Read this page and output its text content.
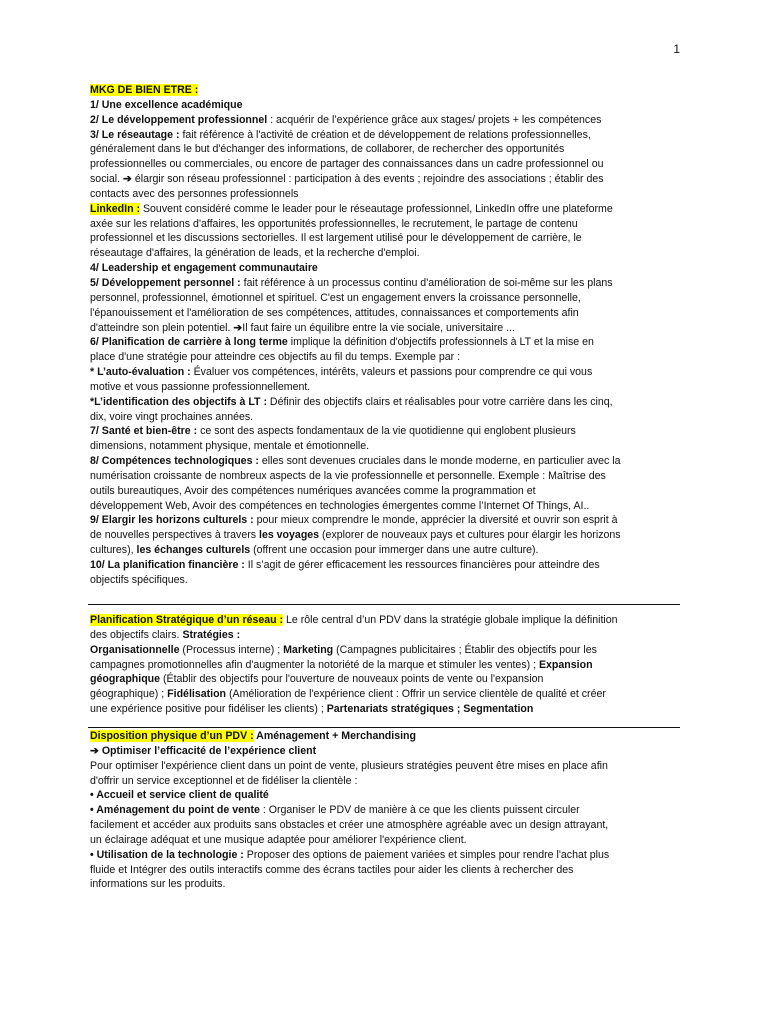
1
MKG DE BIEN ETRE :
1/ Une excellence académique
2/ Le développement professionnel : acquérir de l’expérience grâce aux stages/ projets + les compétences
3/ Le réseautage : fait référence à l'activité de création et de développement de relations professionnelles,
généralement dans le but d'échanger des informations, de collaborer, de rechercher des opportunités
professionnelles ou commerciales, ou encore de partager des connaissances dans un cadre professionnel ou
social. ➔ élargir son réseau professionnel : participation à des events ; rejoindre des associations ; établir des
contacts avec des personnes professionnels
LinkedIn : Souvent considéré comme le leader pour le réseautage professionnel, LinkedIn offre une plateforme
axée sur les relations d'affaires, les opportunités professionnelles, le recrutement, le partage de contenu
professionnel et les discussions sectorielles. Il est largement utilisé pour le développement de carrière, le
réseautage d'affaires, la génération de leads, et la recherche d'emploi.
4/ Leadership et engagement communautaire
5/ Développement personnel : fait référence à un processus continu d'amélioration de soi-même sur les plans
personnel, professionnel, émotionnel et spirituel. C'est un engagement envers la croissance personnelle,
l'épanouissement et l'amélioration de ses compétences, attitudes, connaissances et comportements afin
d'atteindre son plein potentiel. ➔Il faut faire un équilibre entre la vie sociale, universitaire ...
6/ Planification de carrière à long terme implique la définition d'objectifs professionnels à LT et la mise en
place d'une stratégie pour atteindre ces objectifs au fil du temps. Exemple par :
* L’auto-évaluation : Évaluer vos compétences, intérêts, valeurs et passions pour comprendre ce qui vous
motive et vous passionne professionnellement.
*L’identification des objectifs à LT : Définir des objectifs clairs et réalisables pour votre carrière dans les cinq,
dix, voire vingt prochaines années.
7/ Santé et bien-être : ce sont des aspects fondamentaux de la vie quotidienne qui englobent plusieurs
dimensions, notamment physique, mentale et émotionnelle.
8/ Compétences technologiques : elles sont devenues cruciales dans le monde moderne, en particulier avec la
numérisation croissante de nombreux aspects de la vie professionnelle et personnelle. Exemple : Maîtrise des
outils bureautiques, Avoir des compétences numériques avancées comme la programmation et
développement Web, Avoir des compétences en technologies émergentes comme l’Internet Of Things, AI..
9/ Elargir les horizons culturels : pour mieux comprendre le monde, apprécier la diversité et ouvrir son esprit à
de nouvelles perspectives à travers les voyages (explorer de nouveaux pays et cultures pour élargir les horizons
cultures), les échanges culturels (offrent une occasion pour immerger dans une autre culture).
10/ La planification financière : Il s’agit de gérer efficacement les ressources financières pour atteindre des
objectifs spécifiques.
Planification Stratégique d’un réseau : Le rôle central d’un PDV dans la stratégie globale implique la définition
des objectifs clairs. Stratégies :
Organisationnelle (Processus interne) ; Marketing (Campagnes publicitaires ; Établir des objectifs pour les
campagnes promotionnelles afin d'augmenter la notoriété de la marque et stimuler les ventes) ; Expansion
géographique (Établir des objectifs pour l'ouverture de nouveaux points de vente ou l'expansion
géographique) ; Fidélisation (Amélioration de l'expérience client : Offrir un service clientèle de qualité et créer
une expérience positive pour fidéliser les clients) ; Partenariats stratégiques ; Segmentation
Disposition physique d’un PDV : Aménagement + Merchandising
➔ Optimiser l’efficacité de l’expérience client
Pour optimiser l'expérience client dans un point de vente, plusieurs stratégies peuvent être mises en place afin
d'offrir un service exceptionnel et de fidéliser la clientèle :
• Accueil et service client de qualité
• Aménagement du point de vente : Organiser le PDV de manière à ce que les clients puissent circuler
facilement et accéder aux produits sans obstacles et créer une atmosphère agréable avec un design attrayant,
un éclairage adéquat et une musique adaptée pour améliorer l'expérience client.
• Utilisation de la technologie : Proposer des options de paiement variées et simples pour rendre l'achat plus
fluide et Intégrer des outils interactifs comme des écrans tactiles pour aider les clients à rechercher des
informations sur les produits.
